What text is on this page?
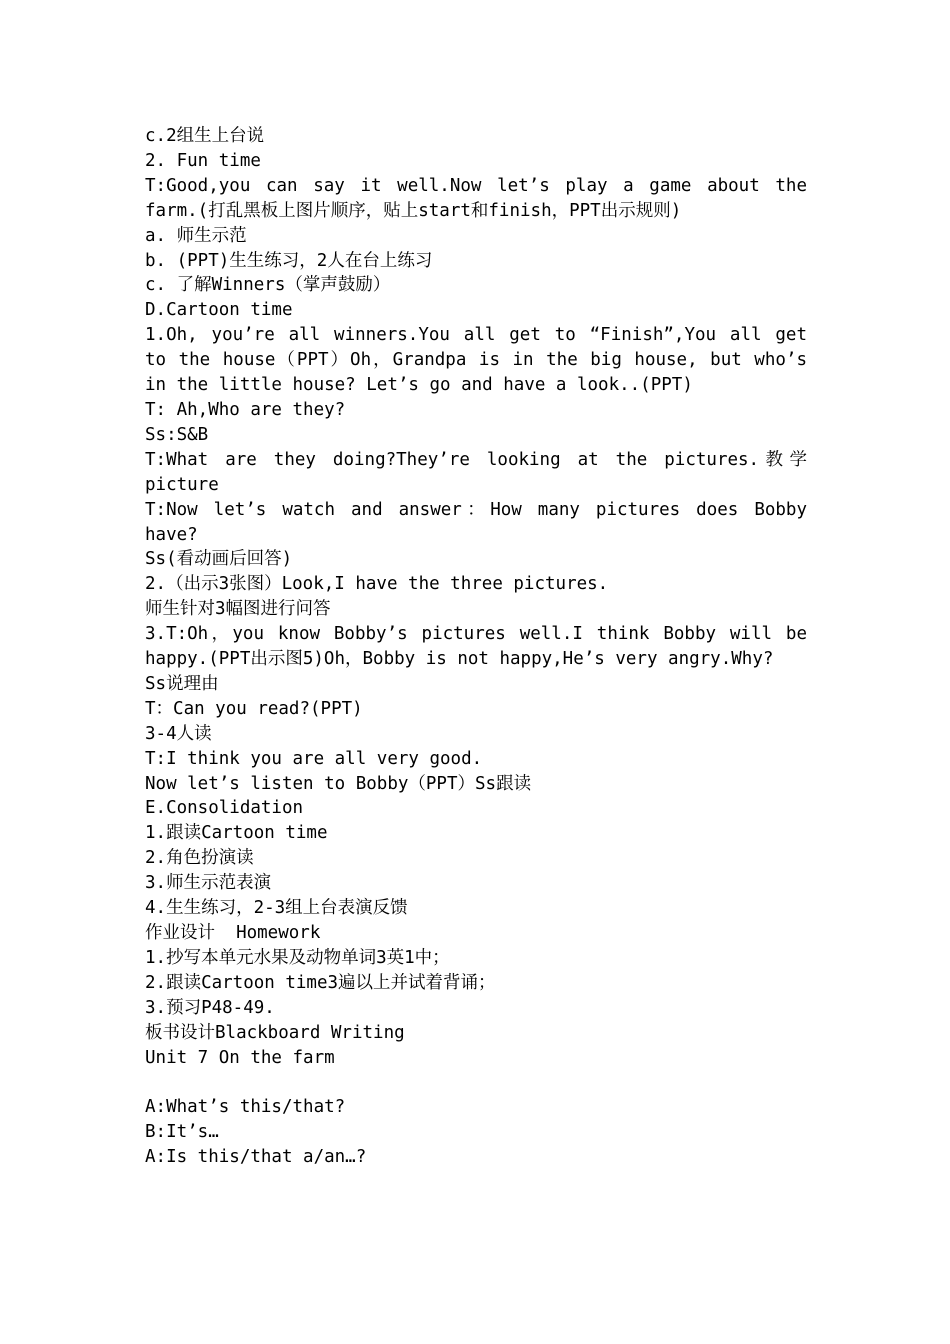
c.2组生上台说
2. Fun time
T:Good,you can say it well.Now let’s play a game about the farm.(打乱黑板上图片顺序，贴上start和finish，PPT出示规则)
a. 师生示范
b. (PPT)生生练习，2人在台上练习
c. 了解Winners（掌声鼓励）
D.Cartoon time
1.Oh, you’re all winners.You all get to “Finish”,You all get to the house（PPT）Oh，Grandpa is in the big house, but who’s in the little house? Let’s go and have a look..(PPT)
T: Ah,Who are they?
Ss:S&B
T:What are they doing?They’re looking at the pictures.教学picture
T:Now let’s watch and answer：How many pictures does Bobby have?
Ss(看动画后回答)
2.（出示3张图）Look,I have the three pictures.
师生针对3幅图进行问答
3.T:Oh，you know Bobby’s pictures well.I think Bobby will be happy.(PPT出示图5)Oh，Bobby is not happy,He’s very angry.Why?
Ss说理由
T：Can you read?(PPT)
3-4人读
T:I think you are all very good.
Now let’s listen to Bobby（PPT）Ss跟读
E.Consolidation
1.跟读Cartoon time
2.角色扮演读
3.师生示范表演
4.生生练习，2-3组上台表演反馈
作业设计  Homework
1.抄写本单元水果及动物单词3英1中；
2.跟读Cartoon time3遍以上并试着背诵；
3.预习P48-49.
板书设计Blackboard Writing
Unit 7 On the farm
A:What’s this/that?
B:It’s…
A:Is this/that a/an…?
